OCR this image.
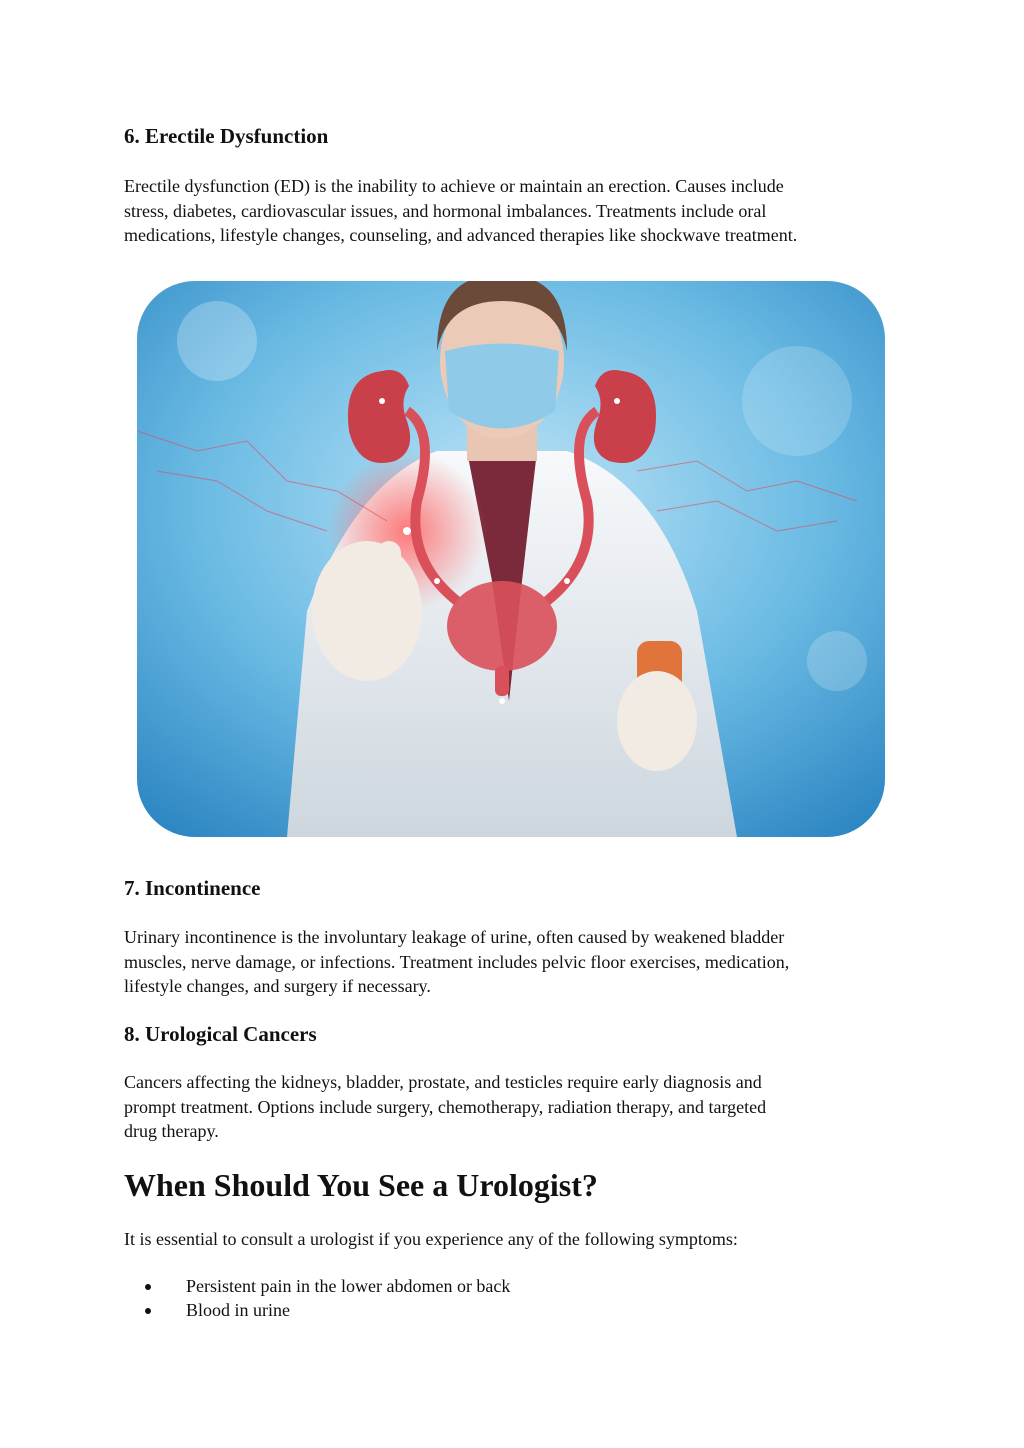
6. Erectile Dysfunction

Erectile dysfunction (ED) is the inability to achieve or maintain an erection. Causes include
stress, diabetes, cardiovascular issues, and hormonal imbalances. Treatments include oral
medications, lifestyle changes, counseling, and advanced therapies like shockwave treatment.

7. Incontinence

Urinary incontinence is the involuntary leakage of urine, often caused by weakened bladder
muscles, nerve damage, or infections. Treatment includes pelvic floor exercises, medication,
lifestyle changes, and surgery if necessary.

8. Urological Cancers

Cancers affecting the kidneys, bladder, prostate, and testicles require early diagnosis and
prompt treatment. Options include surgery, chemotherapy, radiation therapy, and targeted
drug therapy.

When Should You See a Urologist?

It is essential to consult a urologist if you experience any of the following symptoms:

Persistent pain in the lower abdomen or back
Blood in urine
